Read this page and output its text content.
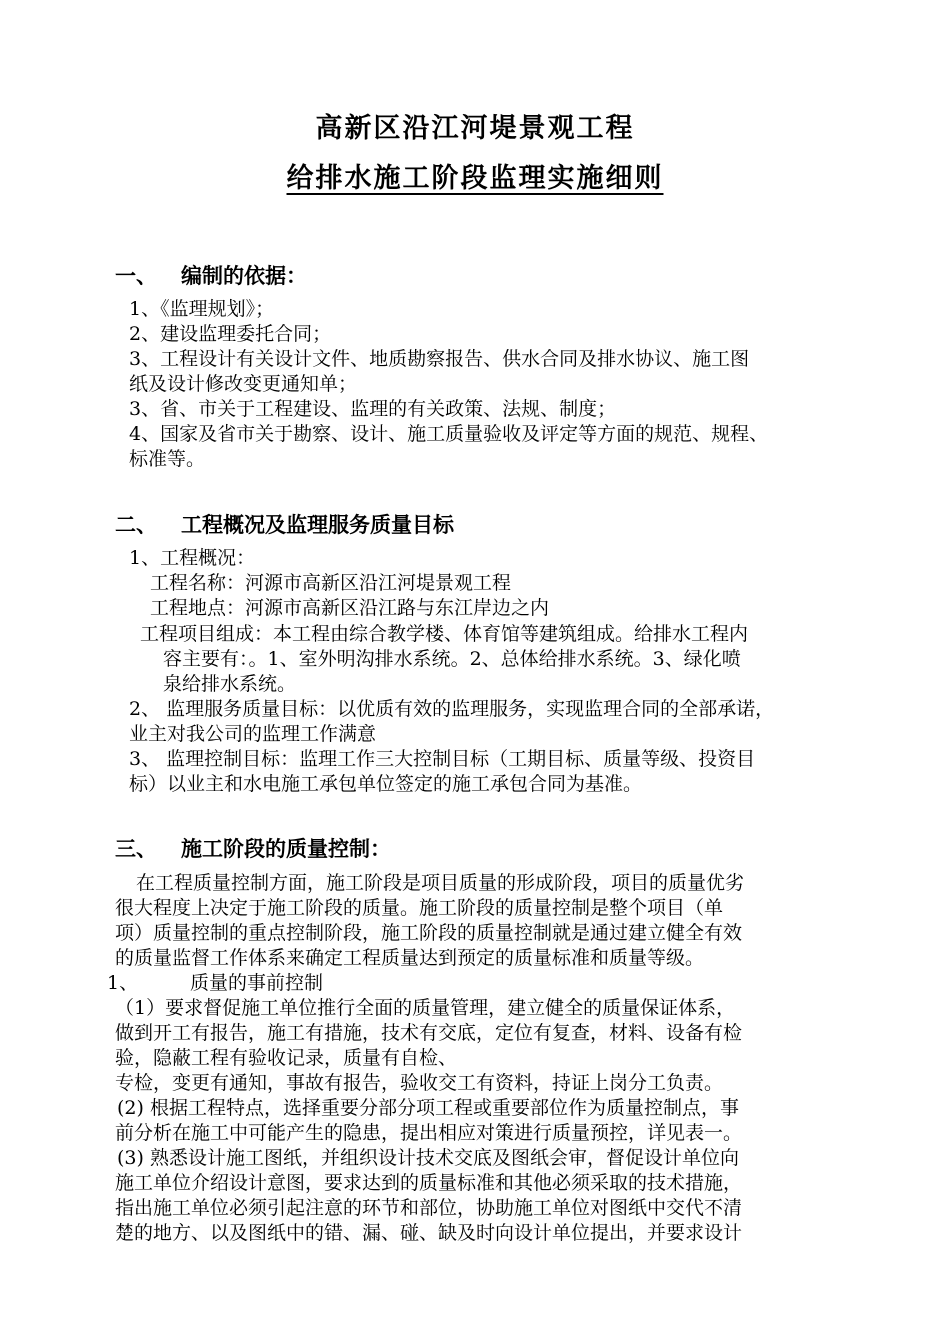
高新区沿江河堤景观工程
给排水施工阶段监理实施细则
一、 编制的依据：
1、《监理规划》；
2、建设监理委托合同；
3、工程设计有关设计文件、地质勘察报告、供水合同及排水协议、施工图
纸及设计修改变更通知单；
3、省、市关于工程建设、监理的有关政策、法规、制度；
4、国家及省市关于勘察、设计、施工质量验收及评定等方面的规范、规程、
标准等。
二、 工程概况及监理服务质量目标
1、工程概况：
工程名称：河源市高新区沿江河堤景观工程
工程地点：河源市高新区沿江路与东江岸边之内
工程项目组成：本工程由综合教学楼、体育馆等建筑组成。给排水工程内
容主要有：。1、室外明沟排水系统。2、总体给排水系统。3、绿化喷
泉给排水系统。
2、 监理服务质量目标：以优质有效的监理服务，实现监理合同的全部承诺，
业主对我公司的监理工作满意
3、 监理控制目标：监理工作三大控制目标（工期目标、质量等级、投资目
标）以业主和水电施工承包单位签定的施工承包合同为基准。
三、 施工阶段的质量控制：
在工程质量控制方面，施工阶段是项目质量的形成阶段，项目的质量优劣
很大程度上决定于施工阶段的质量。施工阶段的质量控制是整个项目（单
项）质量控制的重点控制阶段，施工阶段的质量控制就是通过建立健全有效
的质量监督工作体系来确定工程质量达到预定的质量标准和质量等级。
1、	质量的事前控制
（1）要求督促施工单位推行全面的质量管理，建立健全的质量保证体系，
做到开工有报告，施工有措施，技术有交底，定位有复查，材料、设备有检
验，隐蔽工程有验收记录，质量有自检、
专检，变更有通知，事故有报告，验收交工有资料，持证上岗分工负责。
(2) 根据工程特点，选择重要分部分项工程或重要部位作为质量控制点，事
前分析在施工中可能产生的隐患，提出相应对策进行质量预控，详见表一。
(3) 熟悉设计施工图纸，并组织设计技术交底及图纸会审，督促设计单位向
施工单位介绍设计意图，要求达到的质量标准和其他必须采取的技术措施，
指出施工单位必须引起注意的环节和部位，协助施工单位对图纸中交代不清
楚的地方、以及图纸中的错、漏、碰、缺及时向设计单位提出，并要求设计
